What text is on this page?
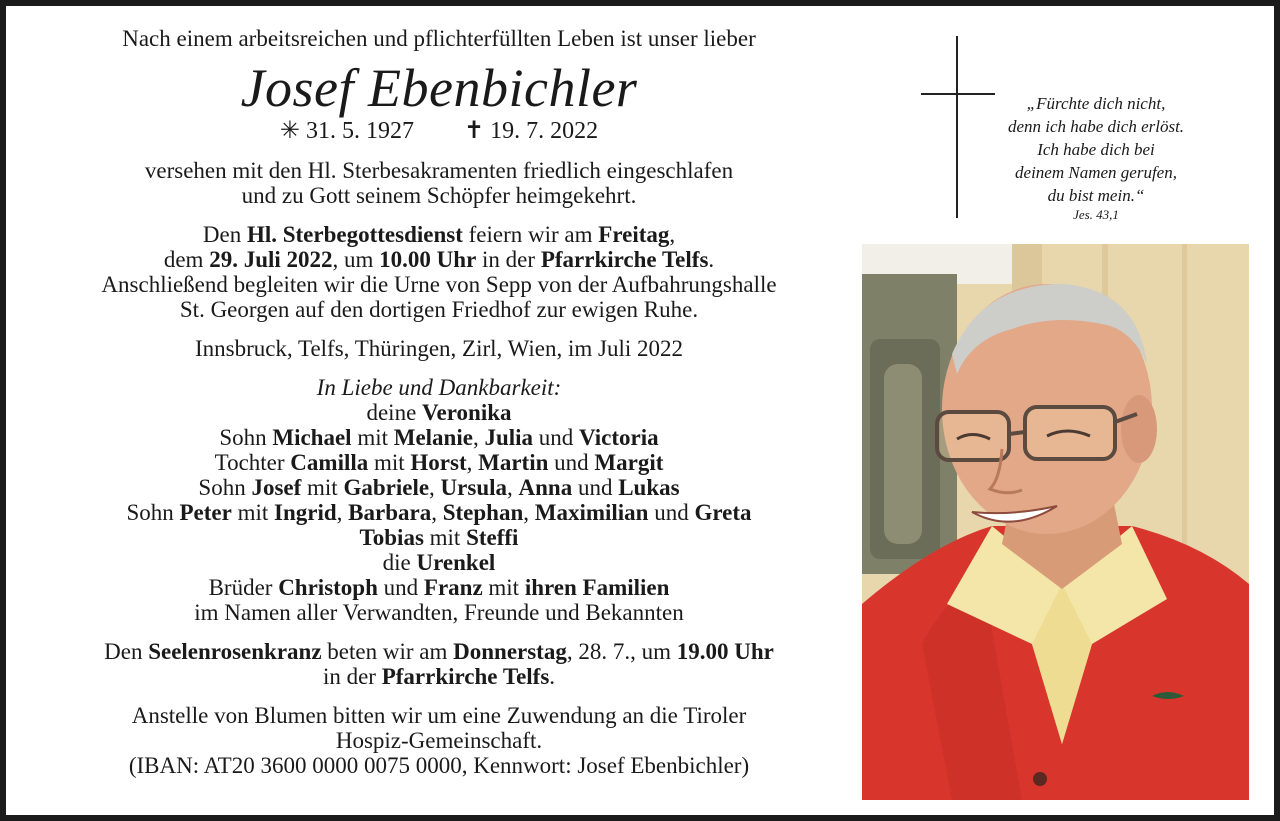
Nach einem arbeitsreichen und pflichterfüllten Leben ist unser lieber

Josef Ebenbichler

✳ 31. 5. 1927 ✝ 19. 7. 2022

versehen mit den Hl. Sterbesakramenten friedlich eingeschlafen

und zu Gott seinem Schöpfer heimgekehrt.

Den Hl. Sterbegottesdienst feiern wir am Freitag,

dem 29. Juli 2022, um 10.00 Uhr in der Pfarrkirche Telfs.

Anschließend begleiten wir die Urne von Sepp von der Aufbahrungshalle

St. Georgen auf den dortigen Friedhof zur ewigen Ruhe.

Innsbruck, Telfs, Thüringen, Zirl, Wien, im Juli 2022

In Liebe und Dankbarkeit:

deine Veronika

Sohn Michael mit Melanie, Julia und Victoria

Tochter Camilla mit Horst, Martin und Margit

Sohn Josef mit Gabriele, Ursula, Anna und Lukas

Sohn Peter mit Ingrid, Barbara, Stephan, Maximilian und Greta

Tobias mit Steffi

die Urenkel

Brüder Christoph und Franz mit ihren Familien

im Namen aller Verwandten, Freunde und Bekannten

Den Seelenrosenkranz beten wir am Donnerstag, 28. 7., um 19.00 Uhr

in der Pfarrkirche Telfs.

Anstelle von Blumen bitten wir um eine Zuwendung an die Tiroler

Hospiz-Gemeinschaft.

(IBAN: AT20 3600 0000 0075 0000, Kennwort: Josef Ebenbichler)

„Fürchte dich nicht,
denn ich habe dich erlöst.
Ich habe dich bei
deinem Namen gerufen,
du bist mein.“
Jes. 43,1
